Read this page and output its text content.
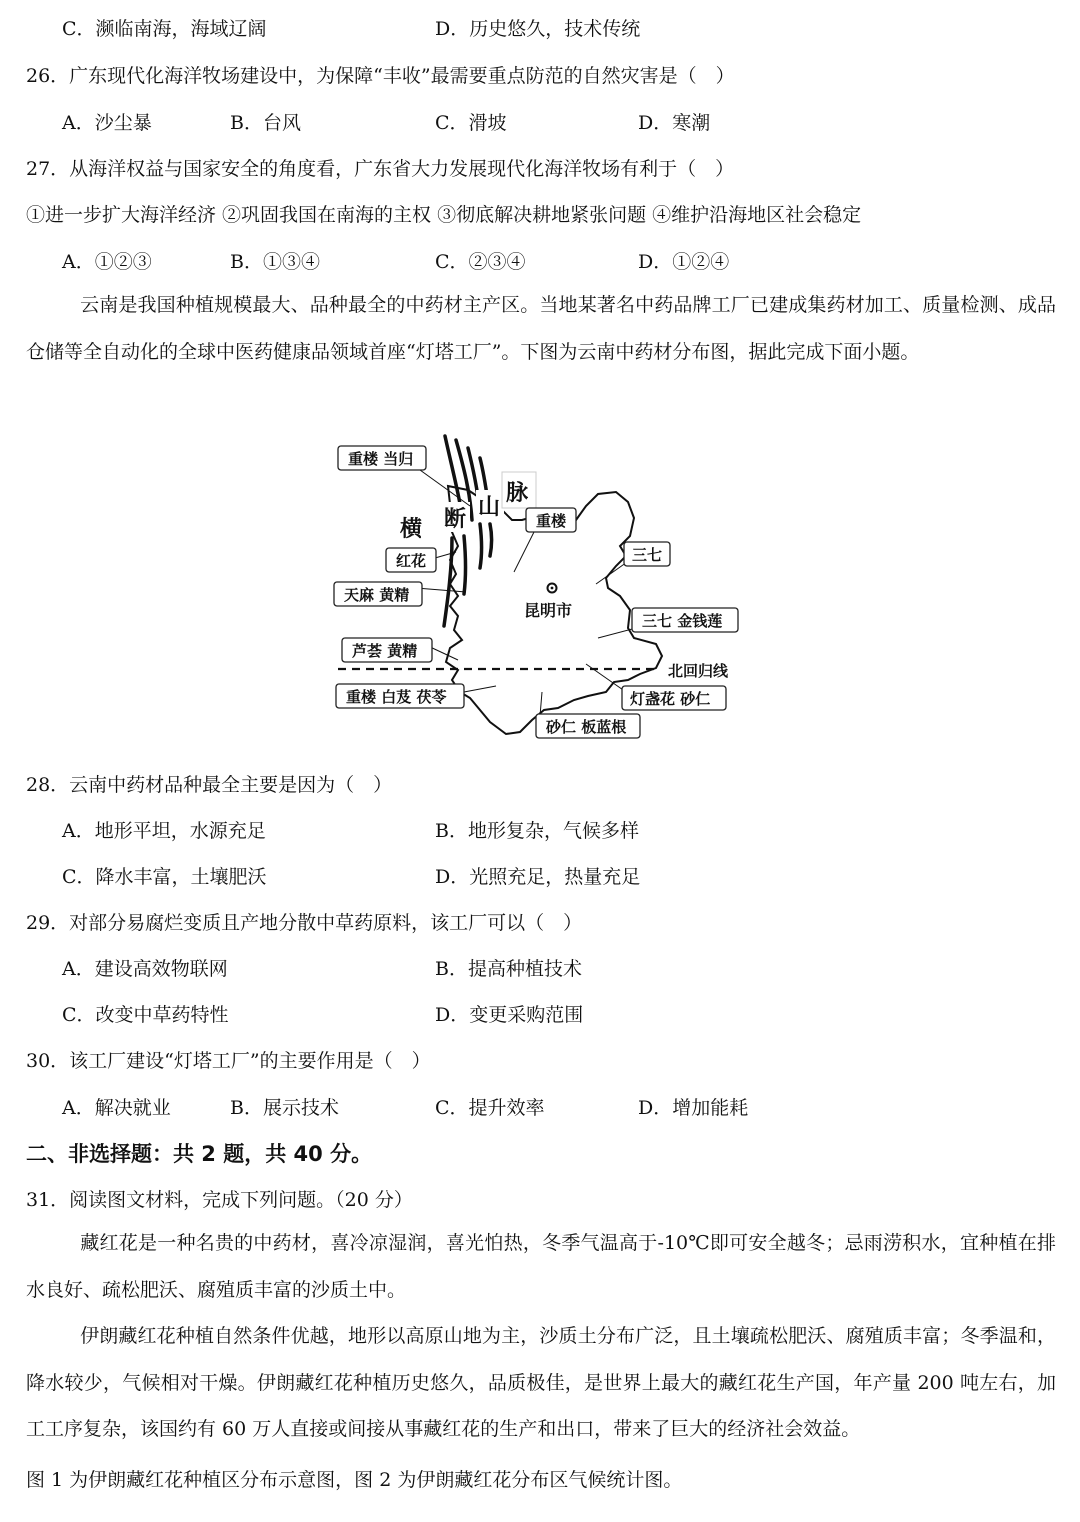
C．濒临南海，海域辽阔	D．历史悠久，技术传统
26．广东现代化海洋牧场建设中，为保障“丰收”最需要重点防范的自然灾害是（　）
A．沙尘暴	B．台风	C．滑坡	D．寒潮
27．从海洋权益与国家安全的角度看，广东省大力发展现代化海洋牧场有利于（　）
①进一步扩大海洋经济 ②巩固我国在南海的主权 ③彻底解决耕地紧张问题 ④维护沿海地区社会稳定
A．①②③	B．①③④	C．②③④	D．①②④
云南是我国种植规模最大、品种最全的中药材主产区。当地某著名中药品牌工厂已建成集药材加工、质量检测、成品仓储等全自动化的全球中医药健康品领域首座“灯塔工厂”。下图为云南中药材分布图，据此完成下面小题。
横 断 山
脉
北回归线
昆明市
重楼 当归
红花
天麻 黄精
芦荟 黄精
重楼 白芨 茯苓
砂仁 板蓝根
重楼
三七
三七 金钱莲
灯盏花 砂仁
28．云南中药材品种最全主要是因为（　）
A．地形平坦，水源充足	B．地形复杂，气候多样
C．降水丰富，土壤肥沃	D．光照充足，热量充足
29．对部分易腐烂变质且产地分散中草药原料，该工厂可以（　）
A．建设高效物联网	B．提高种植技术
C．改变中草药特性	D．变更采购范围
30．该工厂建设“灯塔工厂”的主要作用是（　）
A．解决就业	B．展示技术	C．提升效率	D．增加能耗
二、非选择题：共 2 题，共 40 分。
31．阅读图文材料，完成下列问题。（20 分）
藏红花是一种名贵的中药材，喜冷凉湿润，喜光怕热，冬季气温高于-10℃即可安全越冬；忌雨涝积水，宜种植在排水良好、疏松肥沃、腐殖质丰富的沙质土中。
伊朗藏红花种植自然条件优越，地形以高原山地为主，沙质土分布广泛，且土壤疏松肥沃、腐殖质丰富；冬季温和，降水较少，气候相对干燥。伊朗藏红花种植历史悠久，品质极佳，是世界上最大的藏红花生产国，年产量 200 吨左右，加工工序复杂，该国约有 60 万人直接或间接从事藏红花的生产和出口，带来了巨大的经济社会效益。
图 1 为伊朗藏红花种植区分布示意图，图 2 为伊朗藏红花分布区气候统计图。
